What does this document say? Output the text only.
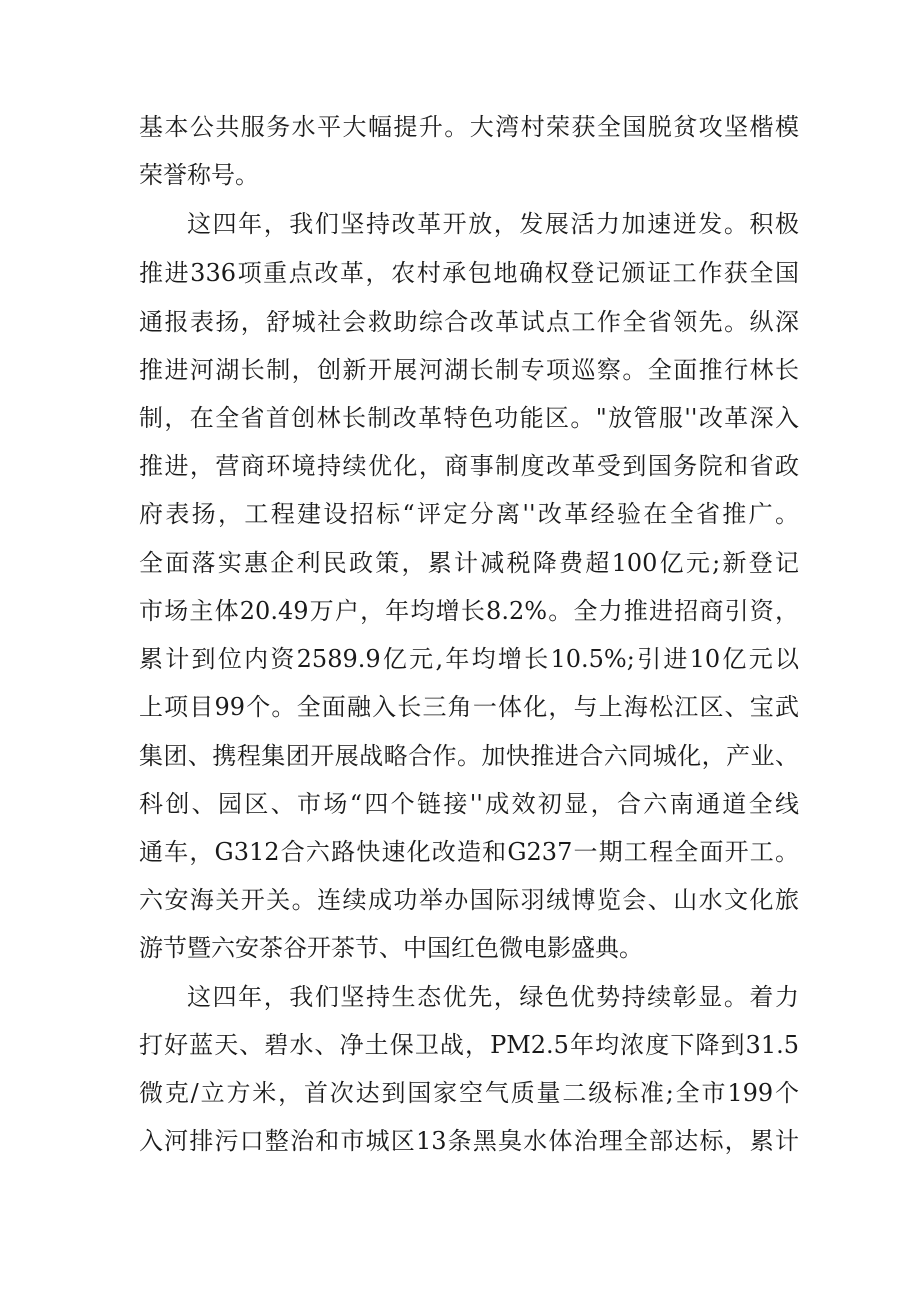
基本公共服务水平大幅提升。大湾村荣获全国脱贫攻坚楷模
荣誉称号。
这四年，我们坚持改革开放，发展活力加速迸发。积极
推进336项重点改革，农村承包地确权登记颁证工作获全国
通报表扬，舒城社会救助综合改革试点工作全省领先。纵深
推进河湖长制，创新开展河湖长制专项巡察。全面推行林长
制，在全省首创林长制改革特色功能区。"放管服''改革深入
推进，营商环境持续优化，商事制度改革受到国务院和省政
府表扬，工程建设招标“评定分离''改革经验在全省推广。
全面落实惠企利民政策，累计减税降费超100亿元;新登记
市场主体20.49万户，年均增长8.2%。全力推进招商引资，
累计到位内资2589.9亿元,年均增长10.5%;引进10亿元以
上项目99个。全面融入长三角一体化，与上海松江区、宝武
集团、携程集团开展战略合作。加快推进合六同城化，产业、
科创、园区、市场“四个链接''成效初显，合六南通道全线
通车，G312合六路快速化改造和G237一期工程全面开工。
六安海关开关。连续成功举办国际羽绒博览会、山水文化旅
游节暨六安茶谷开茶节、中国红色微电影盛典。
这四年，我们坚持生态优先，绿色优势持续彰显。着力
打好蓝天、碧水、净土保卫战，PM2.5年均浓度下降到31.5
微克/立方米，首次达到国家空气质量二级标准;全市199个
入河排污口整治和市城区13条黑臭水体治理全部达标，累计
